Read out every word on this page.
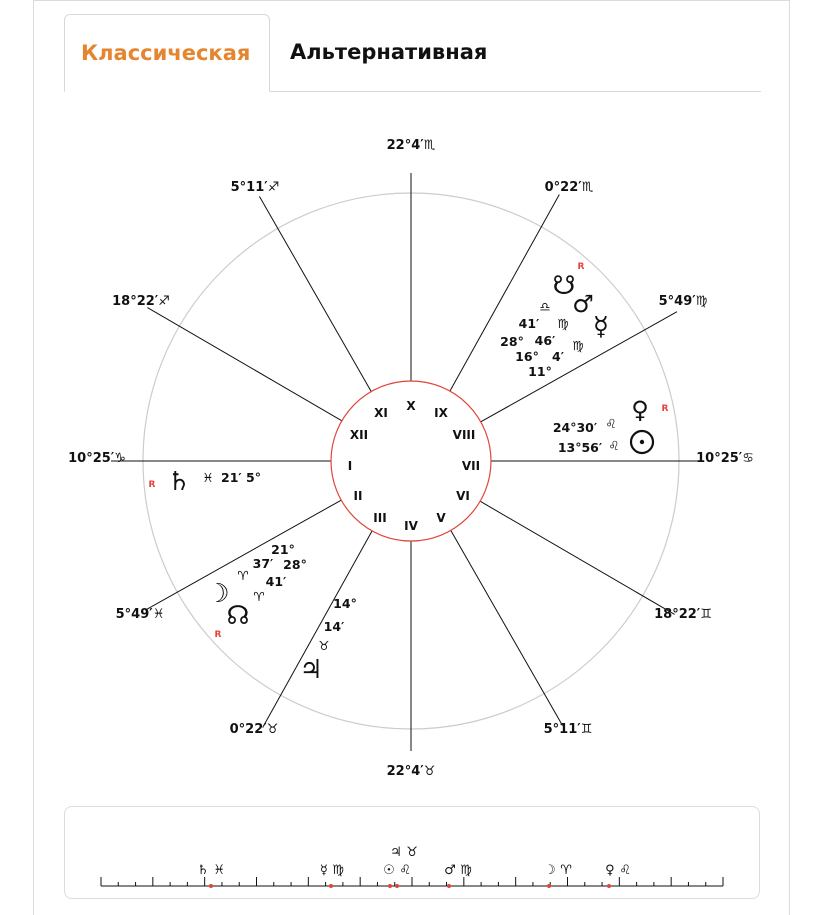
Классическая	Альтернативная
22°4′♏
5°11′♐	0°22′♏
18°22′♐	5°49′♍
10°25′♑	10°25′♋
5°49′♓	18°22′♊
0°22′♉	5°11′♊
22°4′♉
I
II
III
IV
V
VI
VII
VIII
IX
X
XI
XII
R ♄ ♓ 21′ 5°
24°30′ ♌ ♀ R
13°56′ ♌
R
☋
♎ ♂
☿
41′ ♍
28° 46′ ♍
16° 4′
11°
21°
37′ 28°
♈ 41′
♈
☽
☊
R
14°
14′
♉
♃
♄ ♓	☿ ♍
♃ ♉
☉ ♌	♂ ♍	☽ ♈	♀ ♌
